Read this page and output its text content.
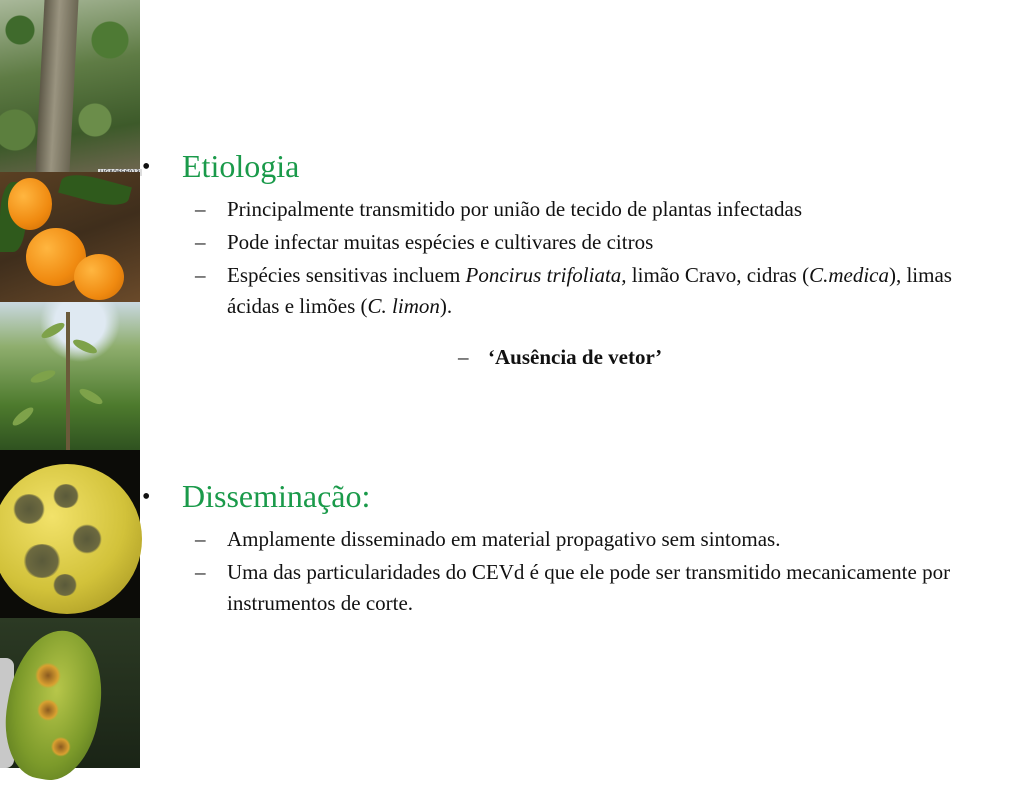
• Etiologia
– Principalmente transmitido por união de tecido de plantas infectadas
– Pode infectar muitas espécies e cultivares de citros
– Espécies sensitivas incluem Poncirus trifoliata, limão Cravo, cidras (C.medica), limas ácidas e limões (C. limon).
– ‘Ausência de vetor’
• Disseminação:
– Amplamente disseminado em material propagativo sem sintomas.
– Uma das particularidades do CEVd é que ele pode ser transmitido mecanicamente por instrumentos de corte.
